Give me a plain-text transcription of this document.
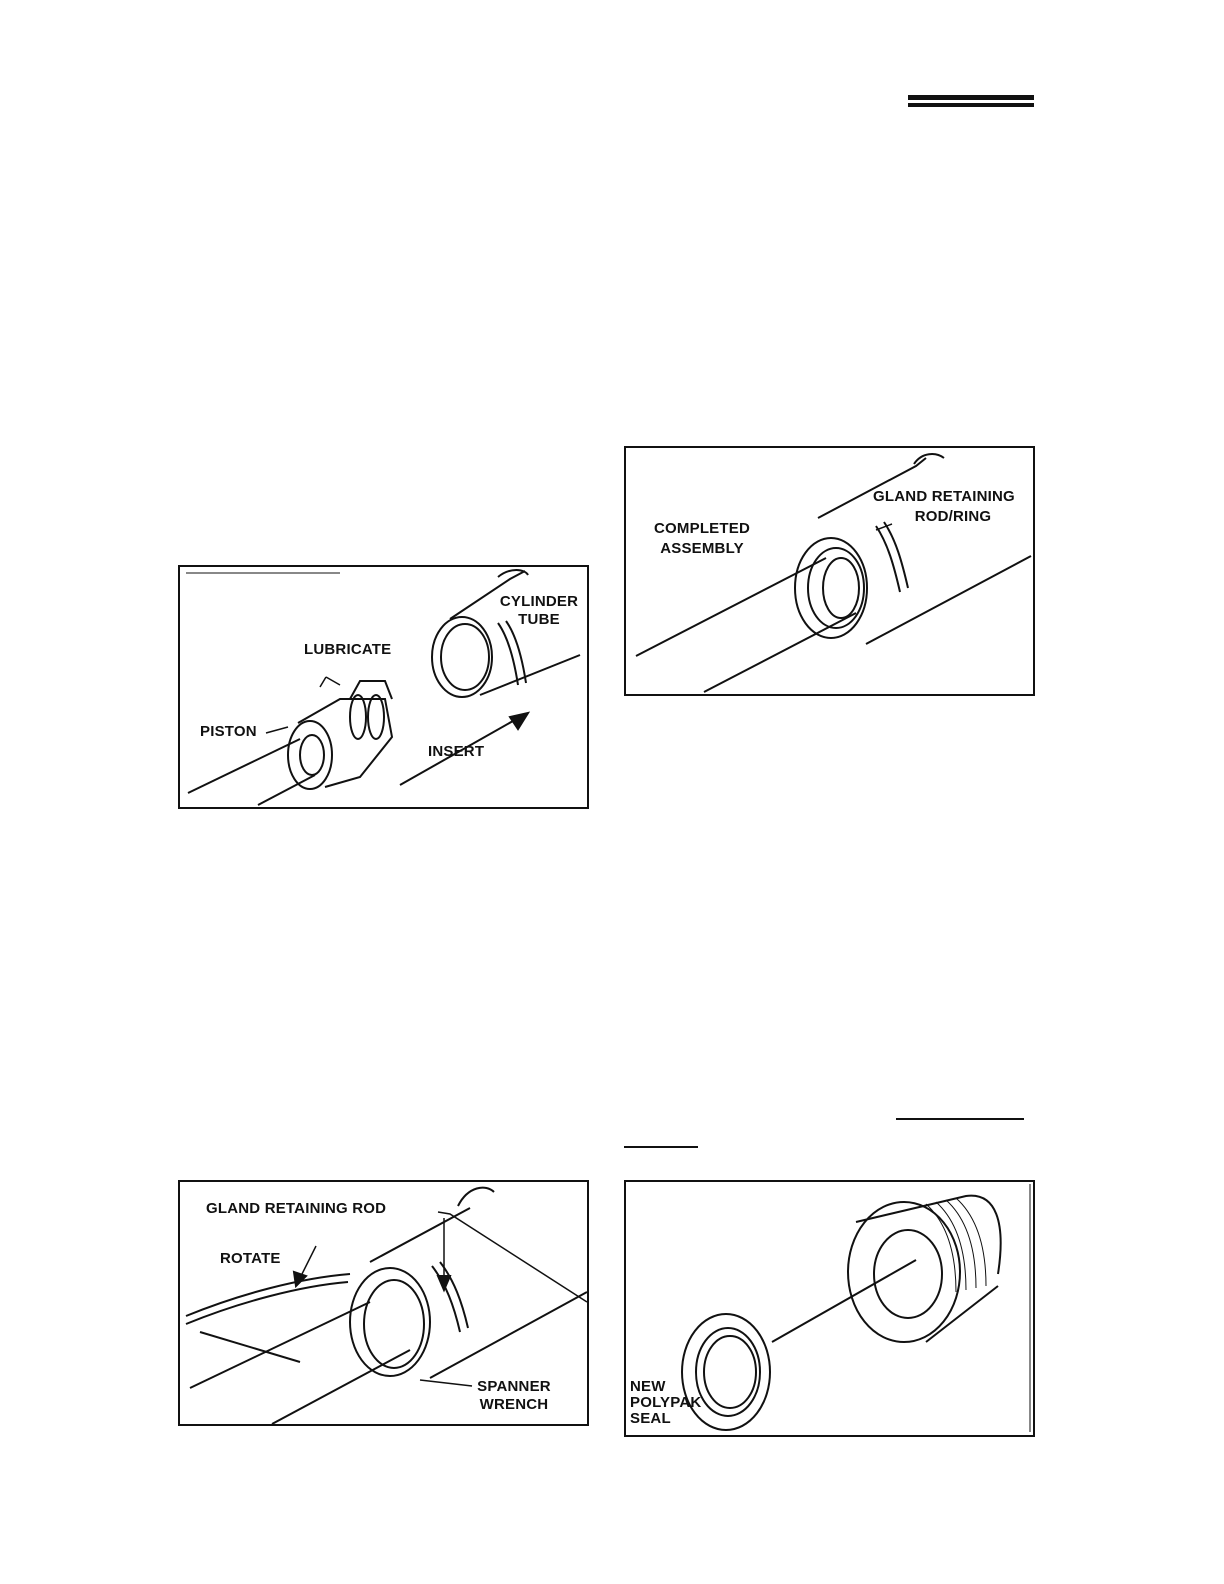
CYLINDER
TUBE
LUBRICATE
PISTON
INSERT
COMPLETED
ASSEMBLY
GLAND RETAINING
ROD/RING
GLAND RETAINING ROD
ROTATE
SPANNER
WRENCH
NEW
POLYPAK
SEAL
